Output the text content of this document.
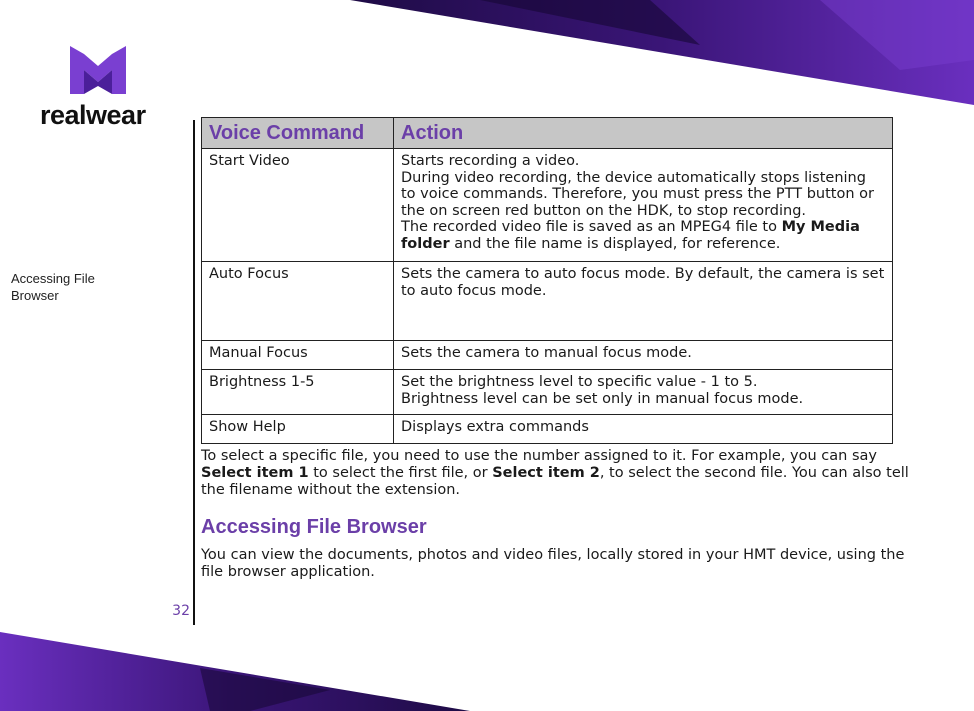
realwear
Accessing File Browser
32
Voice Command	Action
Start Video	Starts recording a video.
During video recording, the device automatically stops listening to voice commands. Therefore, you must press the PTT button or the on screen red button on the HDK, to stop recording.
The recorded video file is saved as an MPEG4 file to My Media folder and the file name is displayed, for reference.

Auto Focus	Sets the camera to auto focus mode. By default, the camera is set to auto focus mode.
Manual Focus	Sets the camera to manual focus mode.
Brightness 1-5	Set the brightness level to specific value - 1 to 5.
Brightness level can be set only in manual focus mode.

Show Help	Displays extra commands
To select a specific file, you need to use the number assigned to it. For example, you can say Select item 1 to select the first file, or Select item 2, to select the second file. You can also tell the filename without the extension.
Accessing File Browser
You can view the documents, photos and video files, locally stored in your HMT device, using the file browser application.
